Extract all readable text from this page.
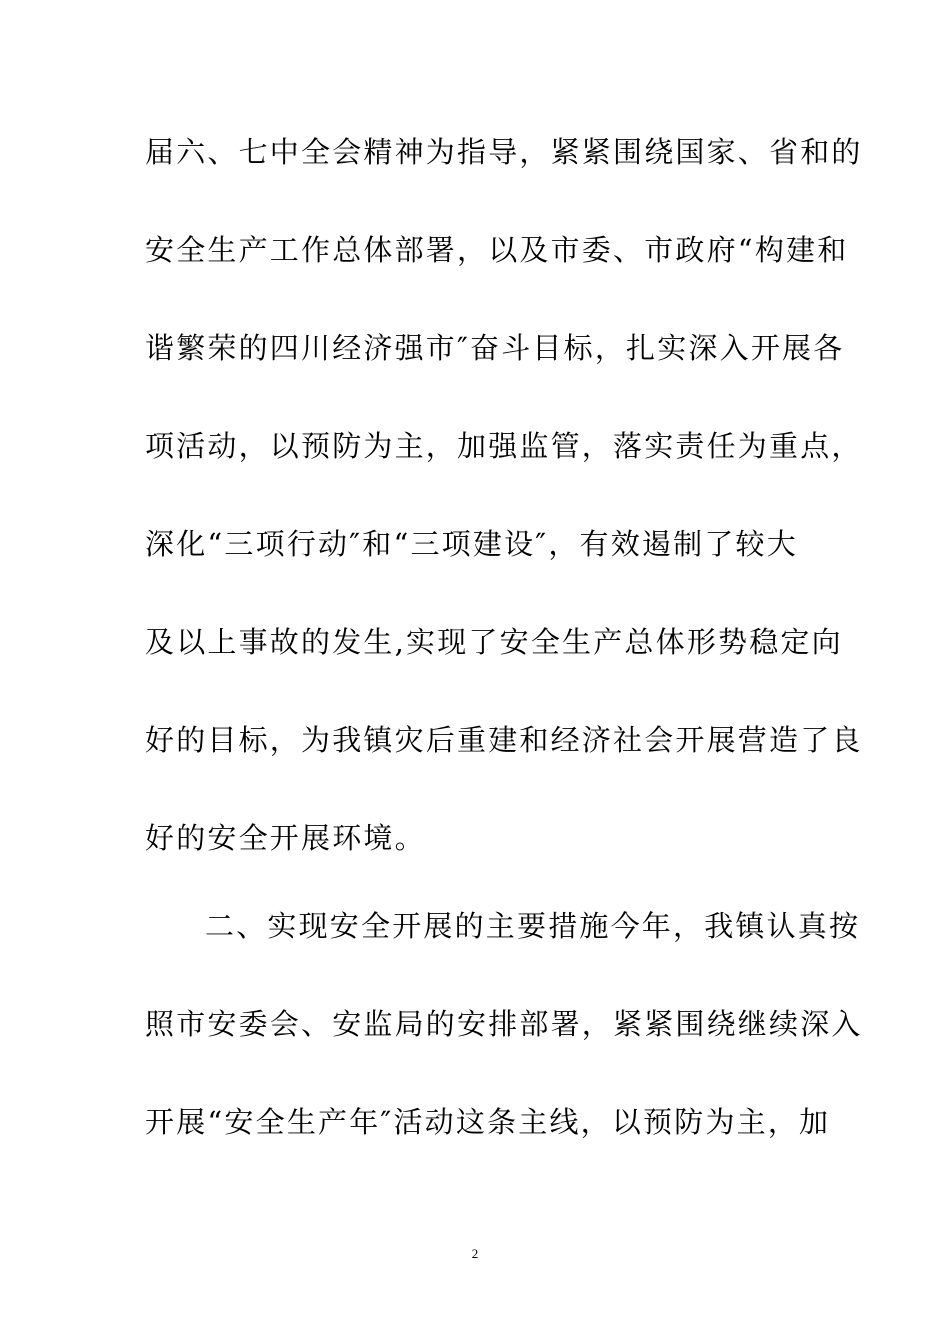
届六、七中全会精神为指导，紧紧围绕国家、省和的
安全生产工作总体部署，以及市委、市政府“构建和
谐繁荣的四川经济强市″奋斗目标，扎实深入开展各
项活动，以预防为主，加强监管，落实责任为重点，
深化“三项行动″和“三项建设″，有效遏制了较大
及以上事故的发生,实现了安全生产总体形势稳定向
好的目标，为我镇灾后重建和经济社会开展营造了良
好的安全开展环境。
二、实现安全开展的主要措施今年，我镇认真按
照市安委会、安监局的安排部署，紧紧围绕继续深入
开展“安全生产年″活动这条主线，以预防为主，加
2
